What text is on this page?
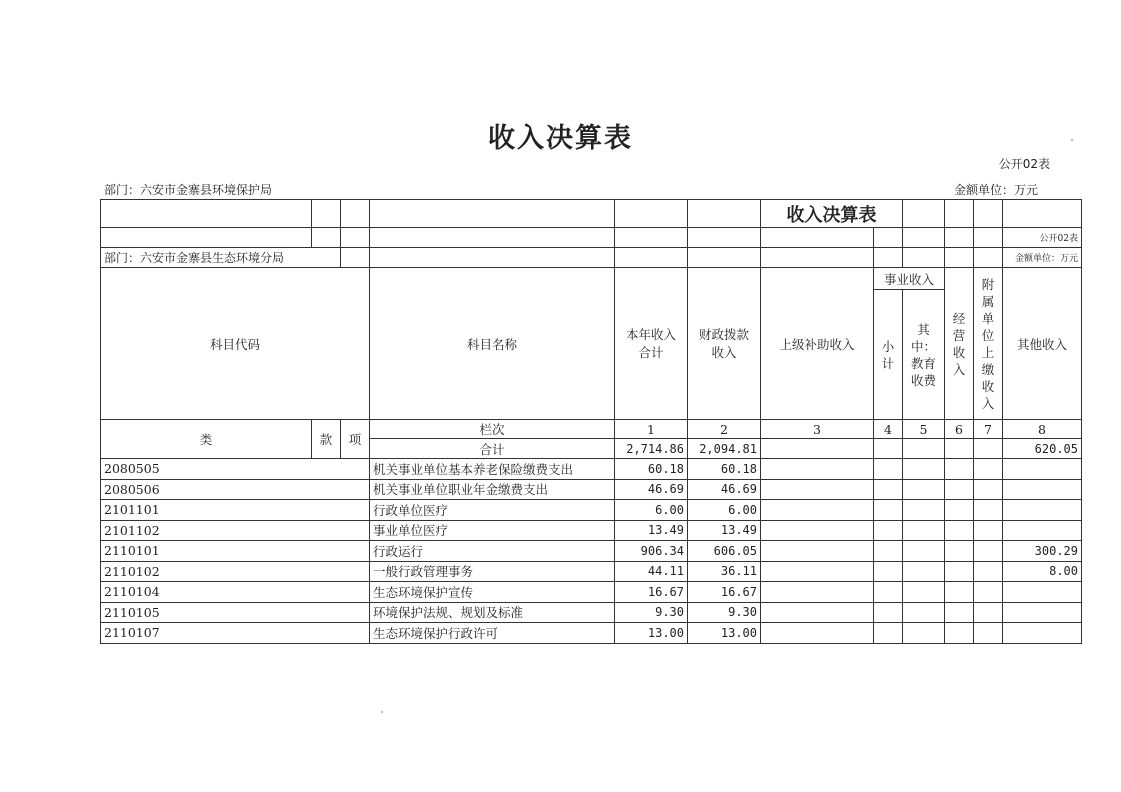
收入决算表
公开02表
部门：六安市金寨县环境保护局	金额单位：万元
						收入决算表					
											公开02表
部门：六安市金寨县生态环境分局											金额单位：万元
科目代码			科目名称	本年收入合计	财政拨款收入	上级补助收入	事业收入		经营收入	附属单位上缴收入	其他收入
							小计	其中：教育收费			
类	款	项	栏次	1	2	3	4	5	6	7	8
			合计	2,714.86	2,094.81						620.05
2080505			机关事业单位基本养老保险缴费支出	60.18	60.18						
2080506			机关事业单位职业年金缴费支出	46.69	46.69						
2101101			行政单位医疗	6.00	6.00						
2101102			事业单位医疗	13.49	13.49						
2110101			行政运行	906.34	606.05						300.29
2110102			一般行政管理事务	44.11	36.11						8.00
2110104			生态环境保护宣传	16.67	16.67						
2110105			环境保护法规、规划及标准	9.30	9.30						
2110107			生态环境保护行政许可	13.00	13.00						
